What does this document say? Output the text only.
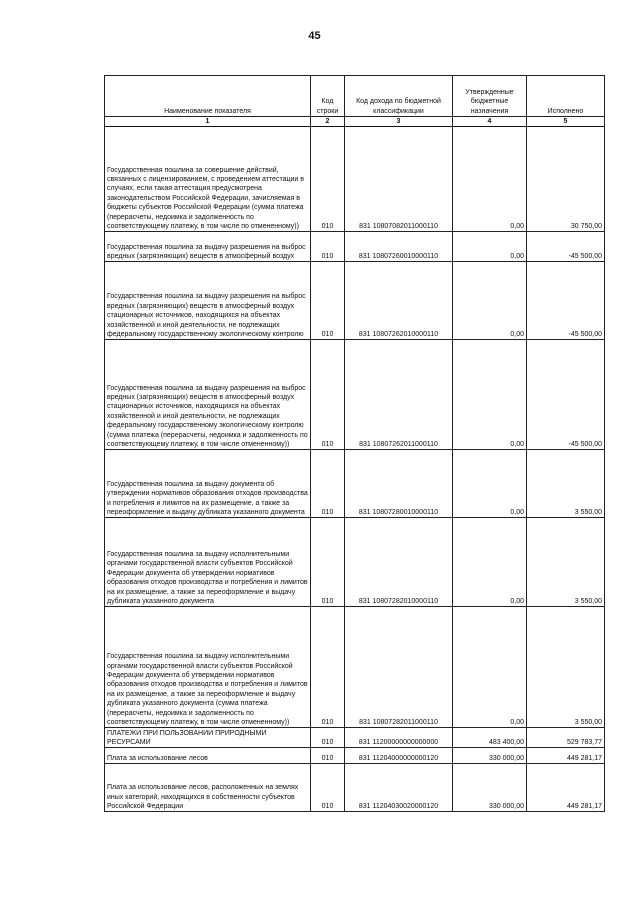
45
Наименование показателя	Код строки	Код дохода по бюджетной классификации	Утвержденные бюджетные назначения	Исполнено
1	2	3	4	5
Государственная пошлина за совершение действий, связанных с лицензированием, с проведением аттестации в случаях, если такая аттестация предусмотрена законодательством Российской Федерации, зачисляемая в бюджеты субъектов Российской Федерации (сумма платежа (перерасчеты, недоимка и задолженность по соответствующему платежу, в том числе по отмененному))	010	831 10807082011000110	0,00	30 750,00
Государственная пошлина за выдачу разрешения на выброс вредных (загрязняющих) веществ в атмосферный воздух	010	831 10807260010000110	0,00	-45 500,00
Государственная пошлина за выдачу разрешения на выброс вредных (загрязняющих) веществ в атмосферный воздух стационарных источников, находящихся на объектах хозяйственной и иной деятельности, не подлежащих федеральному государственному экологическому контролю	010	831 10807262010000110	0,00	-45 500,00
Государственная пошлина за выдачу разрешения на выброс вредных (загрязняющих) веществ в атмосферный воздух стационарных источников, находящихся на объектах хозяйственной и иной деятельности, не подлежащих федеральному государственному экологическому контролю (сумма платежа (перерасчеты, недоимка и задолженность по соответствующему платежу, в том числе отмененному))	010	831 10807262011000110	0,00	-45 500,00
Государственная пошлина за выдачу документа об утверждении нормативов образования отходов производства и потребления и лимитов на их размещение, а также за переоформление и выдачу дубликата указанного документа	010	831 10807280010000110	0,00	3 550,00
Государственная пошлина за выдачу исполнительными органами государственной власти субъектов Российской Федерации документа об утверждении нормативов образования отходов производства и потребления и лимитов на их размещение, а также за переоформление и выдачу дубликата указанного документа	010	831 10807282010000110	0,00	3 550,00
Государственная пошлина за выдачу исполнительными органами государственной власти субъектов Российской Федерации документа об утверждении нормативов образования отходов производства и потребления и лимитов на их размещение, а также за переоформление и выдачу дубликата указанного документа (сумма платежа (перерасчеты, недоимка и задолженность по соответствующему платежу, в том числе отмененному))	010	831 10807282011000110	0,00	3 550,00
ПЛАТЕЖИ ПРИ ПОЛЬЗОВАНИИ ПРИРОДНЫМИ РЕСУРСАМИ	010	831 11200000000000000	483 400,00	529 783,77
Плата за использование лесов	010	831 11204000000000120	330 000,00	449 281,17
Плата за использование лесов, расположенных на землях иных категорий, находящихся в собственности субъектов Российской Федерации	010	831 11204030020000120	330 000,00	449 281,17
